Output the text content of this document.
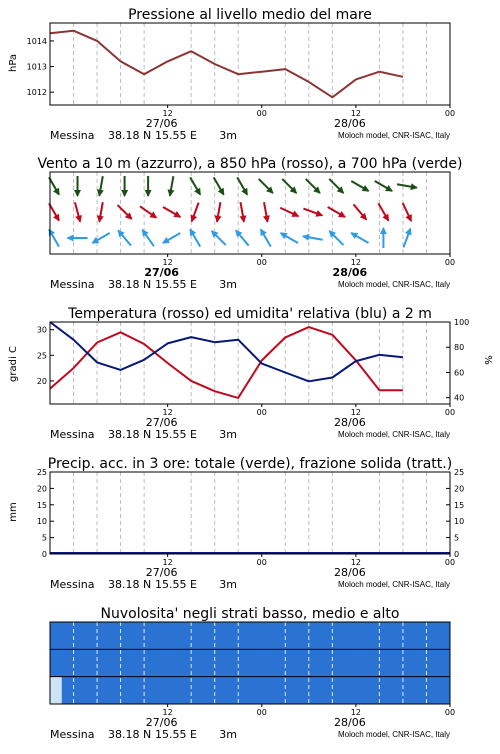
Pressione al livello medio del mare
hPa
1012
1013
1014
12	00	12	00
27/06	28/06
Messina 38.18 N 15.55 E 3m	Moloch model, CNR-ISAC, Italy
Vento a 10 m (azzurro), a 850 hPa (rosso), a 700 hPa (verde)
12	00	12	00
27/06	28/06
Messina 38.18 N 15.55 E 3m	Moloch model, CNR-ISAC, Italy
Temperatura (rosso) ed umidita' relativa (blu) a 2 m
gradi C	%
20
25
30
40
60
80
100
12	00	12	00
27/06	28/06
Messina 38.18 N 15.55 E 3m	Moloch model, CNR-ISAC, Italy
Precip. acc. in 3 ore: totale (verde), frazione solida (tratt.)
mm
0
5
10
15
20
25
0
5
10
15
20
25
12	00	12	00
27/06	28/06
Messina 38.18 N 15.55 E 3m	Moloch model, CNR-ISAC, Italy
Nuvolosita' negli strati basso, medio e alto
12	00	12	00
27/06	28/06
Messina 38.18 N 15.55 E 3m	Moloch model, CNR-ISAC, Italy
